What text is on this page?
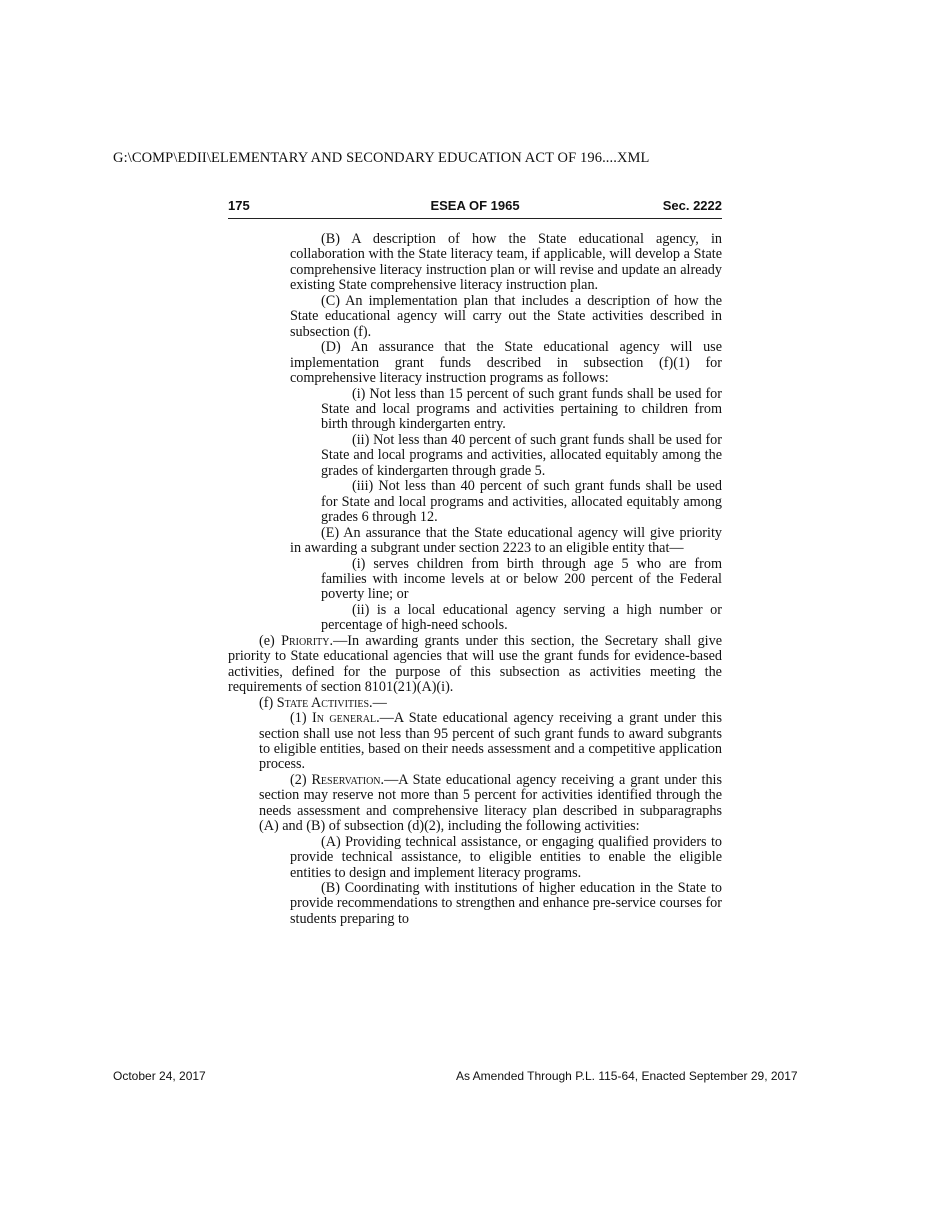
G:\COMP\EDII\ELEMENTARY AND SECONDARY EDUCATION ACT OF 196....XML
175	ESEA OF 1965	Sec. 2222

(B) A description of how the State educational agency, in collaboration with the State literacy team, if applicable, will develop a State comprehensive literacy instruction plan or will revise and update an already existing State comprehensive literacy instruction plan.

(C) An implementation plan that includes a description of how the State educational agency will carry out the State activities described in subsection (f).

(D) An assurance that the State educational agency will use implementation grant funds described in subsection (f)(1) for comprehensive literacy instruction programs as follows:

(i) Not less than 15 percent of such grant funds shall be used for State and local programs and activities pertaining to children from birth through kindergarten entry.

(ii) Not less than 40 percent of such grant funds shall be used for State and local programs and activities, allocated equitably among the grades of kindergarten through grade 5.

(iii) Not less than 40 percent of such grant funds shall be used for State and local programs and activities, allocated equitably among grades 6 through 12.

(E) An assurance that the State educational agency will give priority in awarding a subgrant under section 2223 to an eligible entity that—

(i) serves children from birth through age 5 who are from families with income levels at or below 200 percent of the Federal poverty line; or

(ii) is a local educational agency serving a high number or percentage of high-need schools.

(e) Priority.—In awarding grants under this section, the Secretary shall give priority to State educational agencies that will use the grant funds for evidence-based activities, defined for the purpose of this subsection as activities meeting the requirements of section 8101(21)(A)(i).

(f) State Activities.—

(1) In general.—A State educational agency receiving a grant under this section shall use not less than 95 percent of such grant funds to award subgrants to eligible entities, based on their needs assessment and a competitive application process.

(2) Reservation.—A State educational agency receiving a grant under this section may reserve not more than 5 percent for activities identified through the needs assessment and comprehensive literacy plan described in subparagraphs (A) and (B) of subsection (d)(2), including the following activities:

(A) Providing technical assistance, or engaging qualified providers to provide technical assistance, to eligible entities to enable the eligible entities to design and implement literacy programs.

(B) Coordinating with institutions of higher education in the State to provide recommendations to strengthen and enhance pre-service courses for students preparing to

October 24, 2017	As Amended Through P.L. 115-64, Enacted September 29, 2017
